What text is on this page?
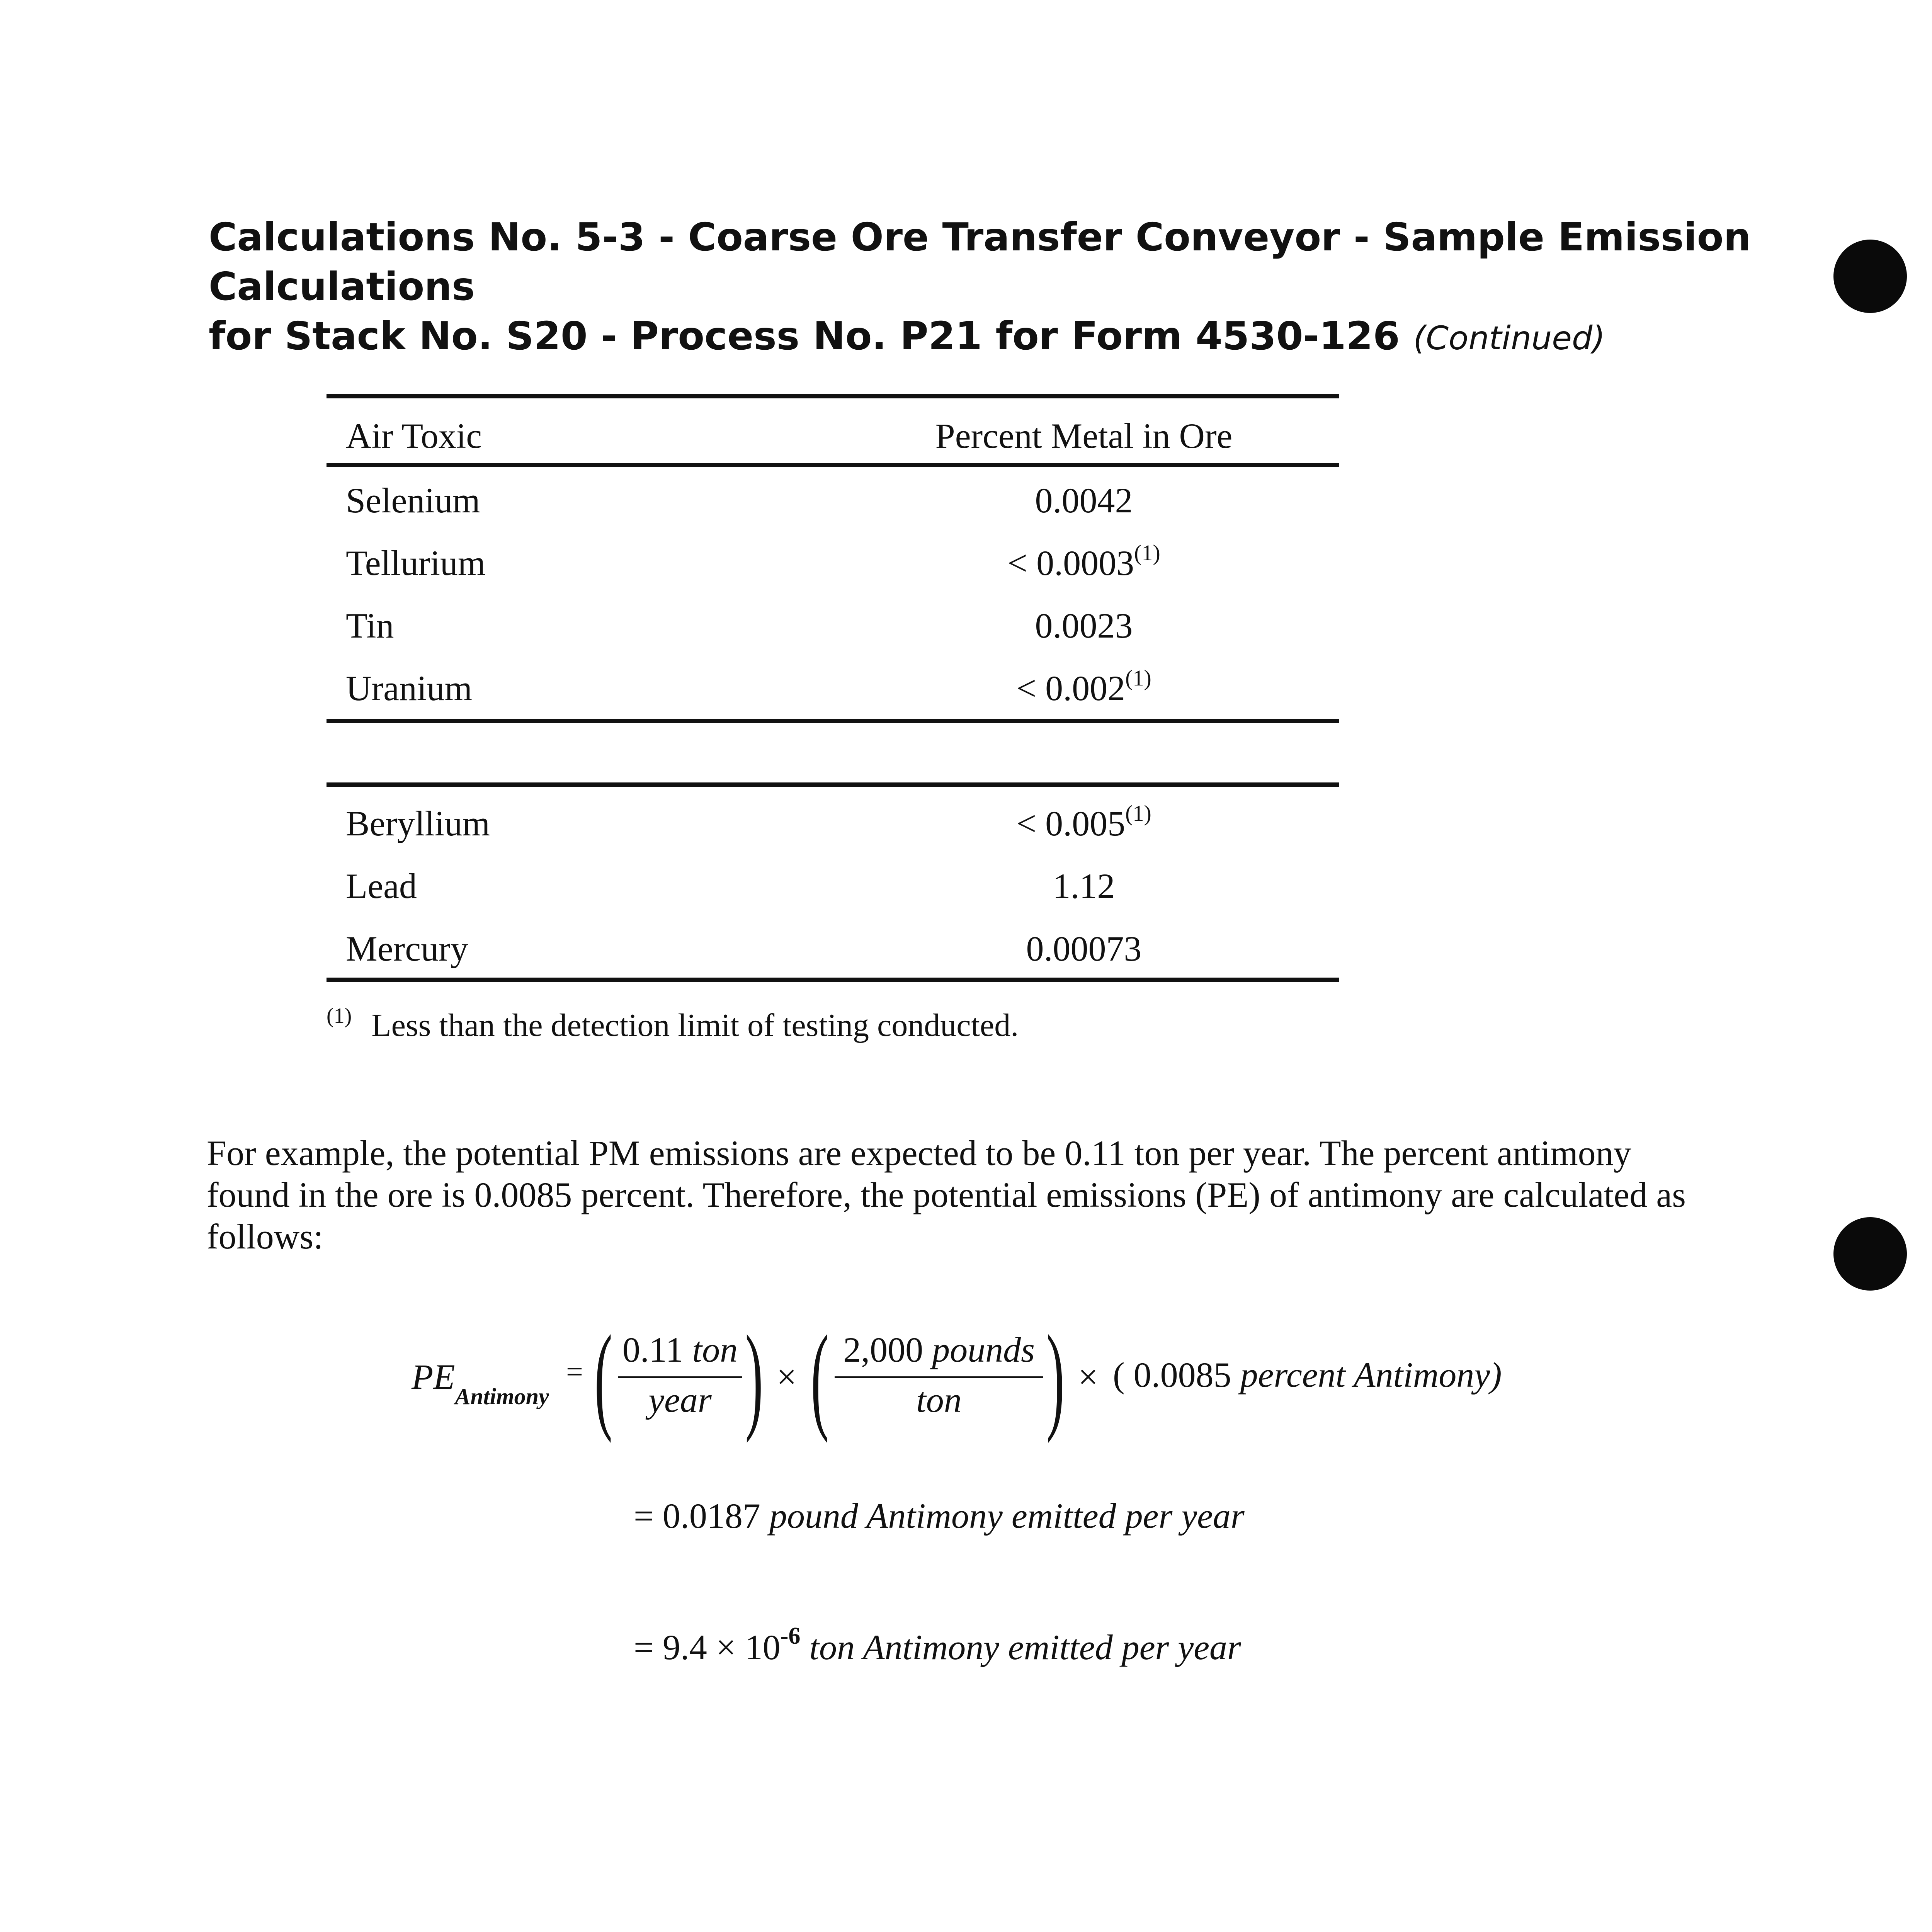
Calculations No. 5-3 - Coarse Ore Transfer Conveyor - Sample Emission Calculations
for Stack No. S20 - Process No. P21 for Form 4530-126 (Continued)
Air Toxic	Percent Metal in Ore
Selenium	0.0042
Tellurium	< $0.0003^{(1)}$
Tin	0.0023
Uranium	< $0.002^{(1)}$
Beryllium	< $0.005^{(1)}$
Lead	1.12
Mercury	0.00073
$^{(1)}$ Less than the detection limit of testing conducted.
For example, the potential PM emissions are expected to be 0.11 ton per year. The percent antimony found in the ore is 0.0085 percent. Therefore, the potential emissions (PE) of antimony are calculated as follows:
$PE_{Antimony}$
= ( 0.11 ton
year ) × ( 2,000 pounds
ton ) × ( 0.0085 percent Antimony)
= 0.0187 pound Antimony emitted per year
= $9.4 \times 10^{-6}$ ton Antimony emitted per year
